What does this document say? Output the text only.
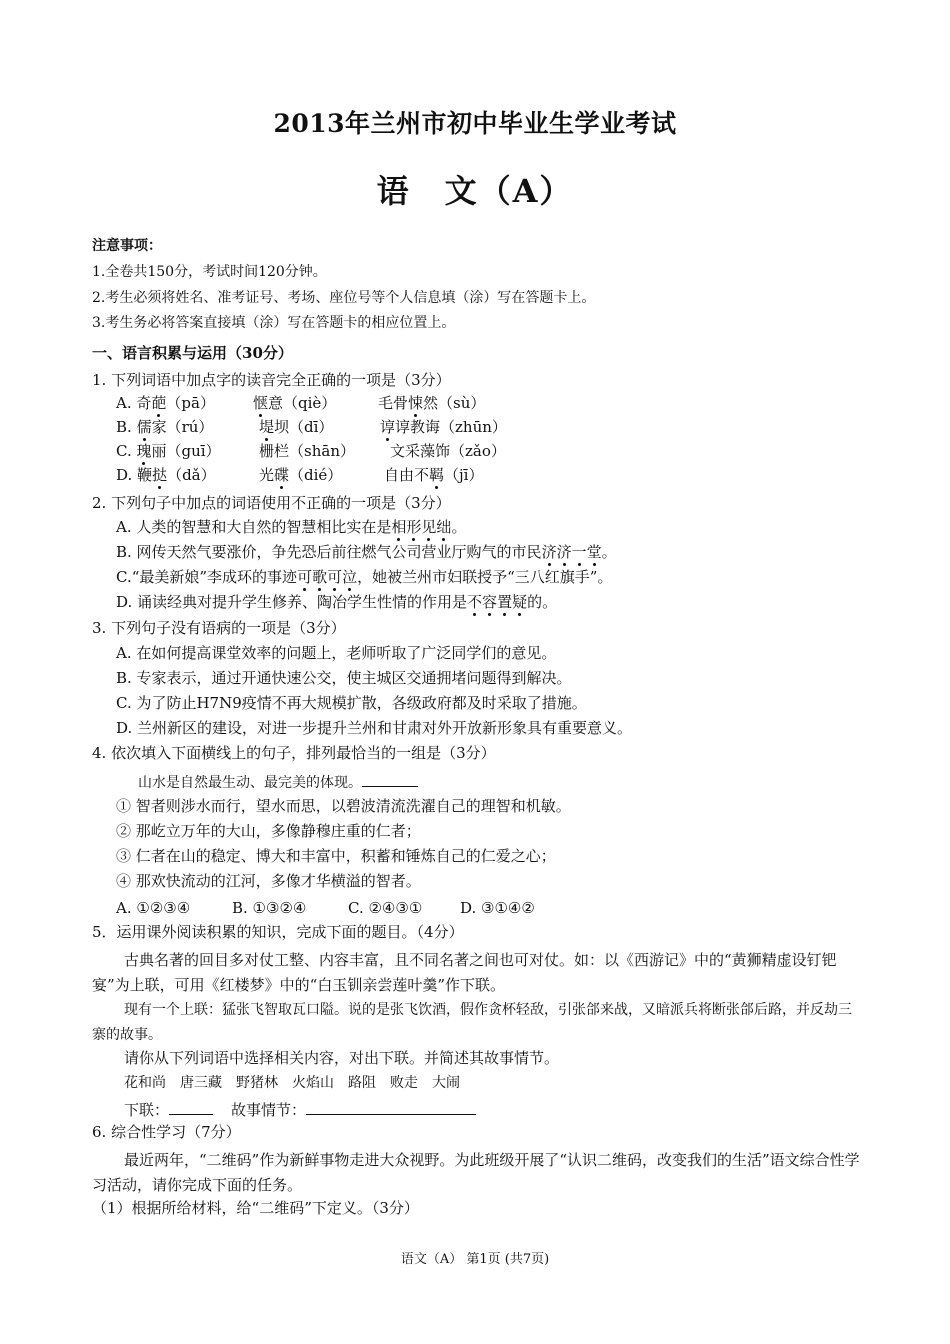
2013年兰州市初中毕业生学业考试
语　文（A）
注意事项：
1.全卷共150分，考试时间120分钟。
2.考生必须将姓名、准考证号、考场、座位号等个人信息填（涂）写在答题卡上。
3.考生务必将答案直接填（涂）写在答题卡的相应位置上。
一、语言积累与运用（30分）
1. 下列词语中加点字的读音完全正确的一项是（3分）
A. 奇葩（pā）	惬意（qiè）	毛骨悚然（sù）
B. 儒家（rú）	堤坝（dī）	谆谆教诲（zhūn）
C. 瑰丽（guī）	栅栏（shān） 文采藻饰（zǎo）
D. 鞭挞（dǎ）	光碟（dié）	自由不羁（jī）
2. 下列句子中加点的词语使用不正确的一项是（3分）
A. 人类的智慧和大自然的智慧相比实在是相形见绌。
B. 网传天然气要涨价，争先恐后前往燃气公司营业厅购气的市民济济一堂。
C.“最美新娘”李成环的事迹可歌可泣，她被兰州市妇联授予“三八红旗手”。
D. 诵读经典对提升学生修养、陶冶学生性情的作用是不容置疑的。
3. 下列句子没有语病的一项是（3分）
A. 在如何提高课堂效率的问题上，老师听取了广泛同学们的意见。
B. 专家表示，通过开通快速公交，使主城区交通拥堵问题得到解决。
C. 为了防止H7N9疫情不再大规模扩散，各级政府都及时采取了措施。
D. 兰州新区的建设，对进一步提升兰州和甘肃对外开放新形象具有重要意义。
4. 依次填入下面横线上的句子，排列最恰当的一组是（3分）
山水是自然最生动、最完美的体现。
① 智者则涉水而行，望水而思，以碧波清流洗濯自己的理智和机敏。
② 那屹立万年的大山，多像静穆庄重的仁者；
③ 仁者在山的稳定、博大和丰富中，积蓄和锤炼自己的仁爱之心；
④ 那欢快流动的江河，多像才华横溢的智者。
A. ①②③④	B. ①③②④	C. ②④③①	D. ③①④②
5．运用课外阅读积累的知识，完成下面的题目。（4分）
古典名著的回目多对仗工整、内容丰富，且不同名著之间也可对仗。如：以《西游记》中的“黄狮精虚设钉钯宴”为上联，可用《红楼梦》中的“白玉钏亲尝莲叶羹”作下联。
现有一个上联：猛张飞智取瓦口隘。说的是张飞饮酒，假作贪杯轻敌，引张郃来战，又暗派兵将断张郃后路，并反劫三寨的故事。
请你从下列词语中选择相关内容，对出下联。并简述其故事情节。
花和尚　唐三藏　野猪林　火焰山　路阻　败走　大闹
下联：	故事情节：
6. 综合性学习（7分）
最近两年，“二维码”作为新鲜事物走进大众视野。为此班级开展了“认识二维码，改变我们的生活”语文综合性学习活动，请你完成下面的任务。
（1）根据所给材料，给“二维码”下定义。（3分）
语文（A） 第1页 (共7页)
